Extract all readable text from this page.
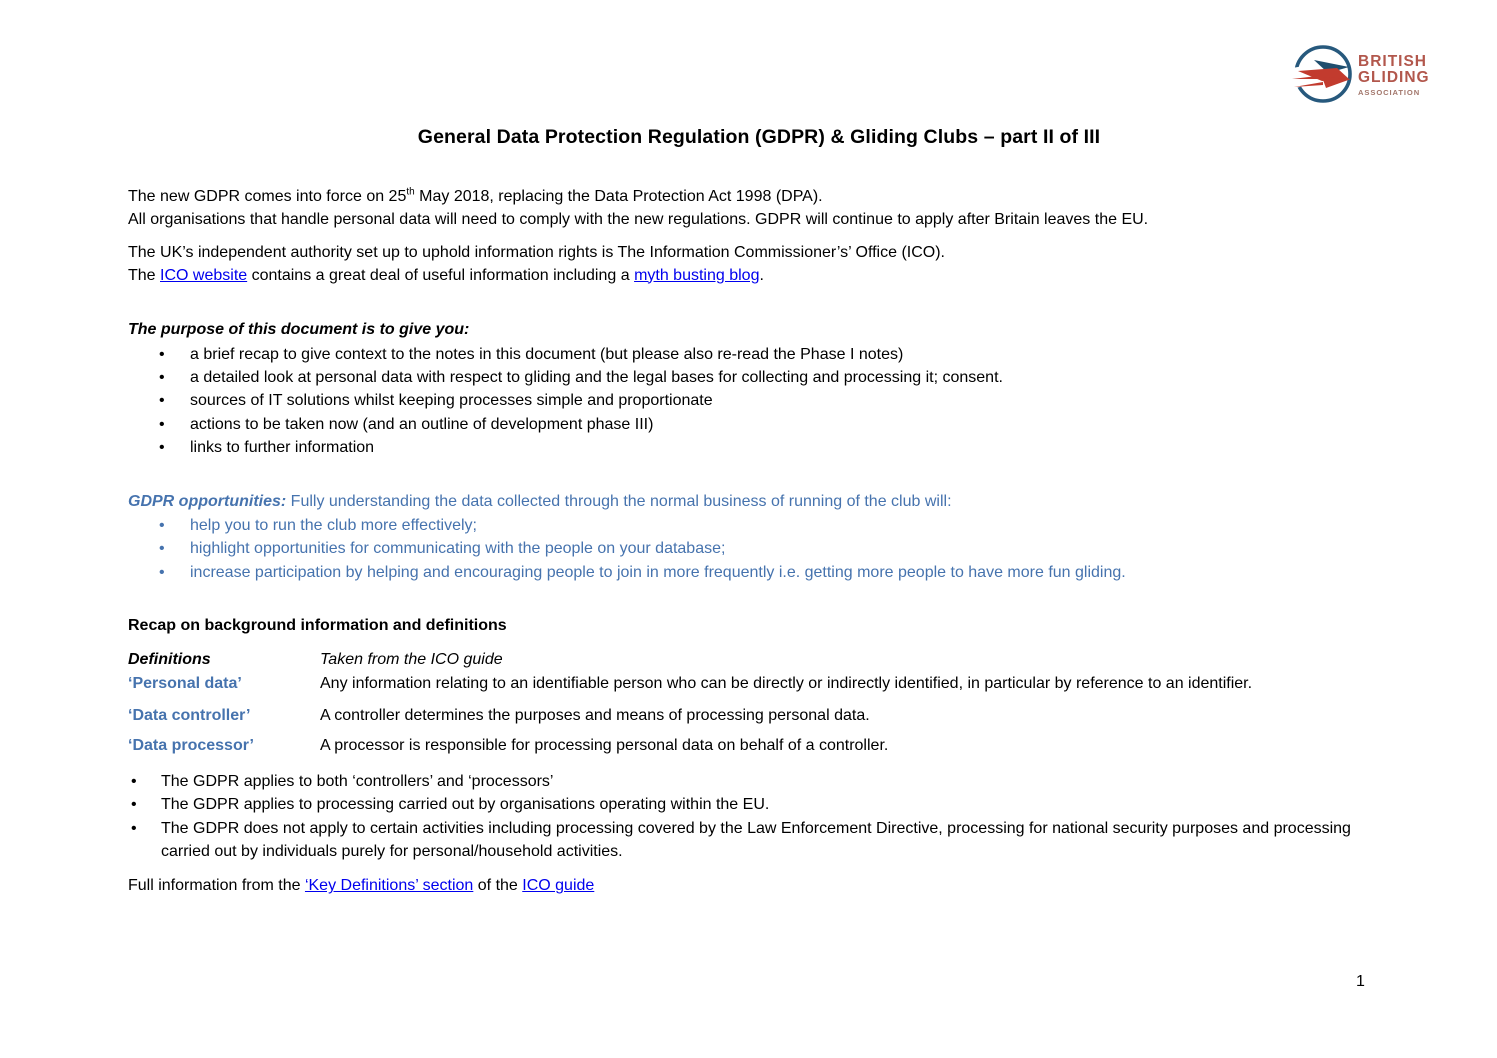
BRITISH
GLIDING
ASSOCIATION
General Data Protection Regulation (GDPR) & Gliding Clubs – part II of III

The new GDPR comes into force on 25th May 2018, replacing the Data Protection Act 1998 (DPA).
All organisations that handle personal data will need to comply with the new regulations. GDPR will continue to apply after Britain leaves the EU.

The UK’s independent authority set up to uphold information rights is The Information Commissioner’s’ Office (ICO).
The ICO website contains a great deal of useful information including a myth busting blog.

The purpose of this document is to give you:

• a brief recap to give context to the notes in this document (but please also re-read the Phase I notes)
• a detailed look at personal data with respect to gliding and the legal bases for collecting and processing it; consent.
• sources of IT solutions whilst keeping processes simple and proportionate
• actions to be taken now (and an outline of development phase III)
• links to further information

GDPR opportunities: Fully understanding the data collected through the normal business of running of the club will:

• help you to run the club more effectively;
• highlight opportunities for communicating with the people on your database;
• increase participation by helping and encouraging people to join in more frequently i.e. getting more people to have more fun gliding.

Recap on background information and definitions

Definitions	Taken from the ICO guide
‘Personal data’	Any information relating to an identifiable person who can be directly or indirectly identified, in particular by reference to an identifier.
‘Data controller’	A controller determines the purposes and means of processing personal data.
‘Data processor’	A processor is responsible for processing personal data on behalf of a controller.
• The GDPR applies to both ‘controllers’ and ‘processors’
• The GDPR applies to processing carried out by organisations operating within the EU.
• The GDPR does not apply to certain activities including processing covered by the Law Enforcement Directive, processing for national security purposes and processing carried out by individuals purely for personal/household activities.

Full information from the ‘Key Definitions’ section of the ICO guide

1
